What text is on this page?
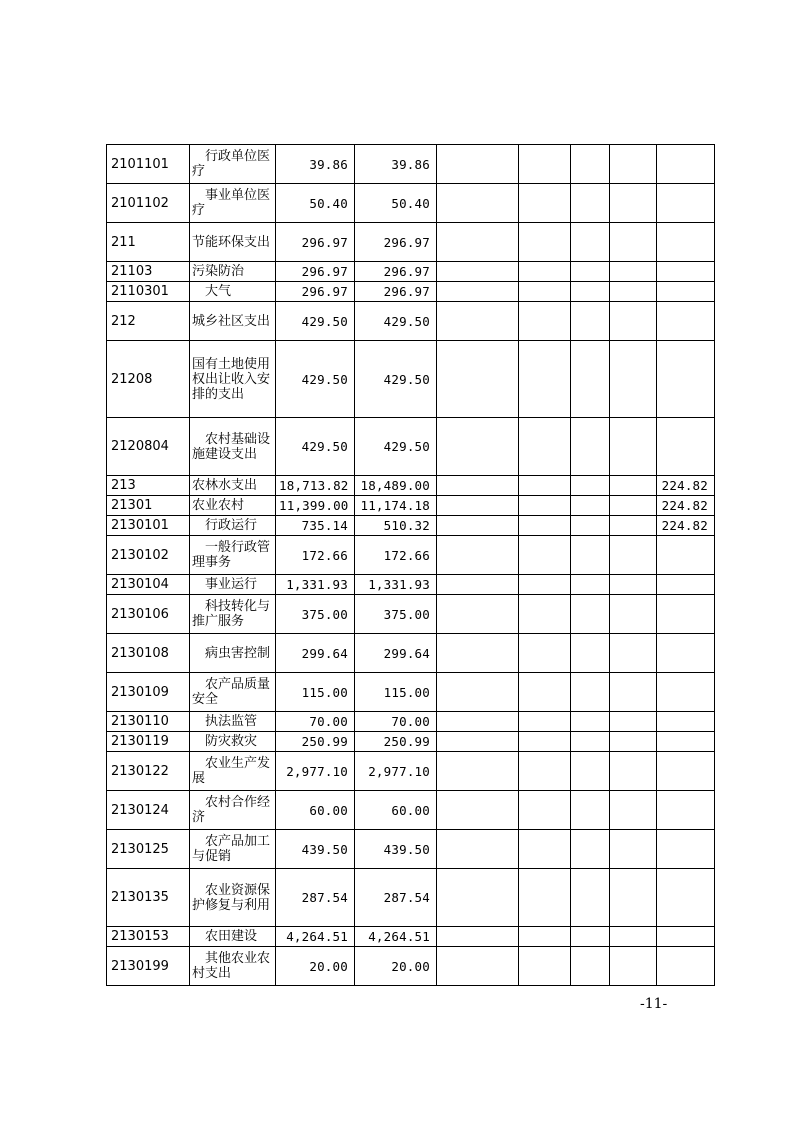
2101101	行政单位医疗	39.86	39.86					
2101102	事业单位医疗	50.40	50.40					
211	节能环保支出	296.97	296.97					
21103	污染防治	296.97	296.97					
2110301	大气	296.97	296.97					
212	城乡社区支出	429.50	429.50					
21208	国有土地使用权出让收入安排的支出	429.50	429.50					
2120804	农村基础设施建设支出	429.50	429.50					
213	农林水支出	18,713.82	18,489.00					224.82
21301	农业农村	11,399.00	11,174.18					224.82
2130101	行政运行	735.14	510.32					224.82
2130102	一般行政管理事务	172.66	172.66					
2130104	事业运行	1,331.93	1,331.93					
2130106	科技转化与推广服务	375.00	375.00					
2130108	病虫害控制	299.64	299.64					
2130109	农产品质量安全	115.00	115.00					
2130110	执法监管	70.00	70.00					
2130119	防灾救灾	250.99	250.99					
2130122	农业生产发展	2,977.10	2,977.10					
2130124	农村合作经济	60.00	60.00					
2130125	农产品加工与促销	439.50	439.50					
2130135	农业资源保护修复与利用	287.54	287.54					
2130153	农田建设	4,264.51	4,264.51					
2130199	其他农业农村支出	20.00	20.00					
-11-
